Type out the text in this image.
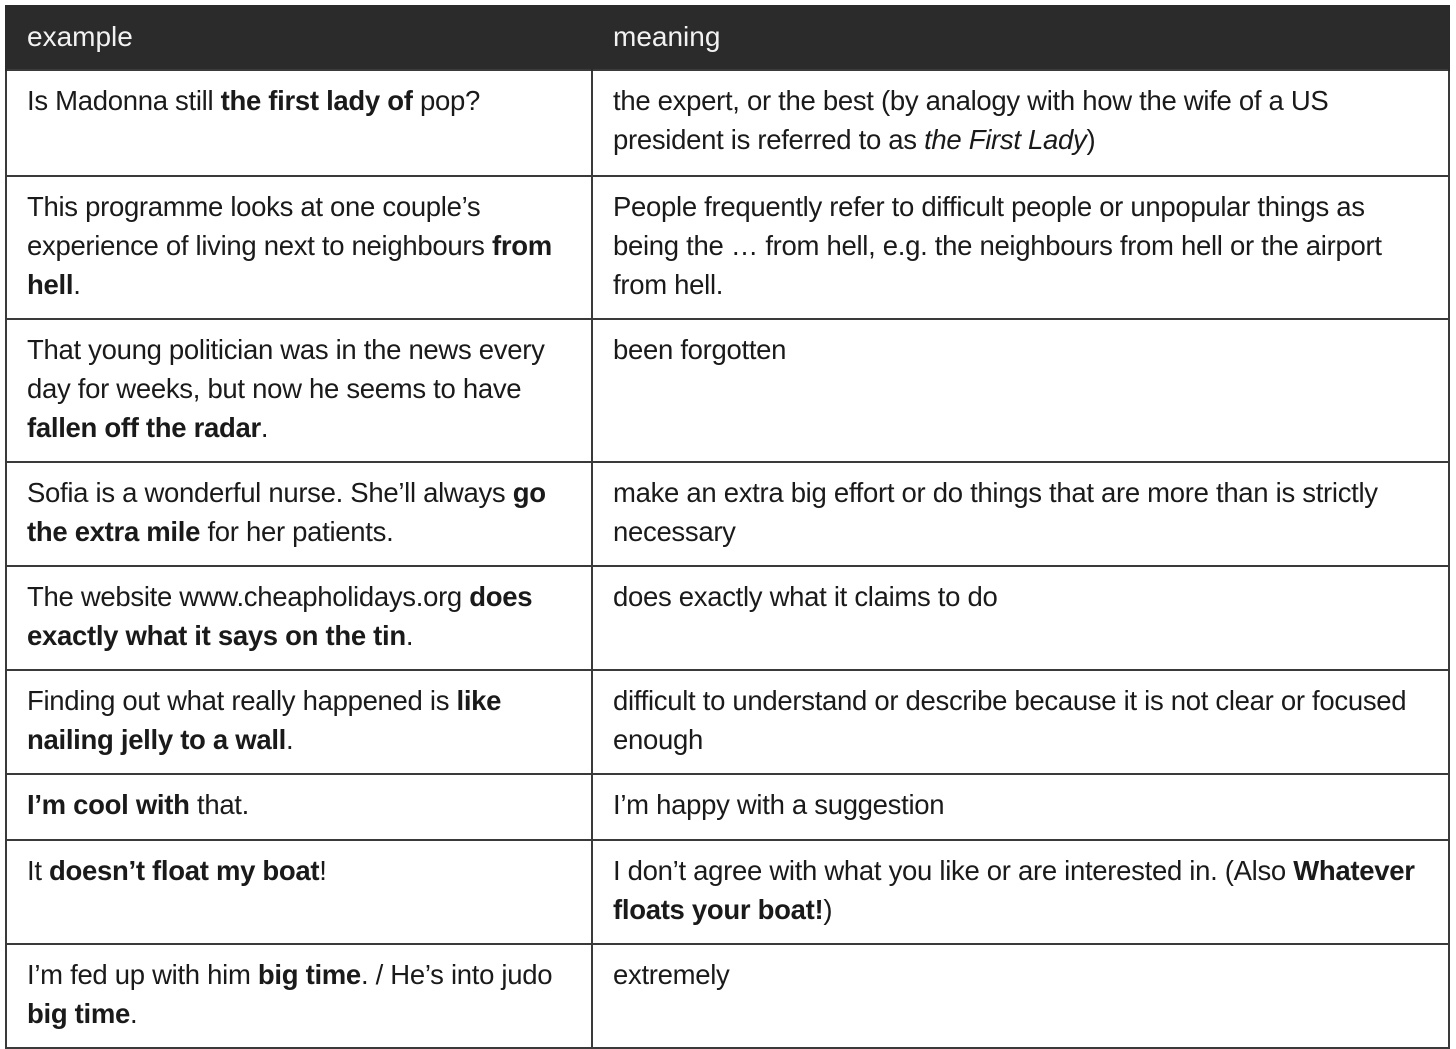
example	meaning
Is Madonna still the first lady of pop?	the expert, or the best (by analogy with how the wife of a US president is referred to as the First Lady)
This programme looks at one couple’s experience of living next to neighbours from hell.	People frequently refer to difficult people or unpopular things as being the … from hell, e.g. the neighbours from hell or the airport from hell.
That young politician was in the news every day for weeks, but now he seems to have fallen off the radar.	been forgotten
Sofia is a wonderful nurse. She’ll always go the extra mile for her patients.	make an extra big effort or do things that are more than is strictly necessary
The website www.cheapholidays.org does exactly what it says on the tin.	does exactly what it claims to do
Finding out what really happened is like nailing jelly to a wall.	difficult to understand or describe because it is not clear or focused enough
I’m cool with that.	I’m happy with a suggestion
It doesn’t float my boat!	I don’t agree with what you like or are interested in. (Also Whatever floats your boat!)
I’m fed up with him big time. / He’s into judo big time.	extremely
